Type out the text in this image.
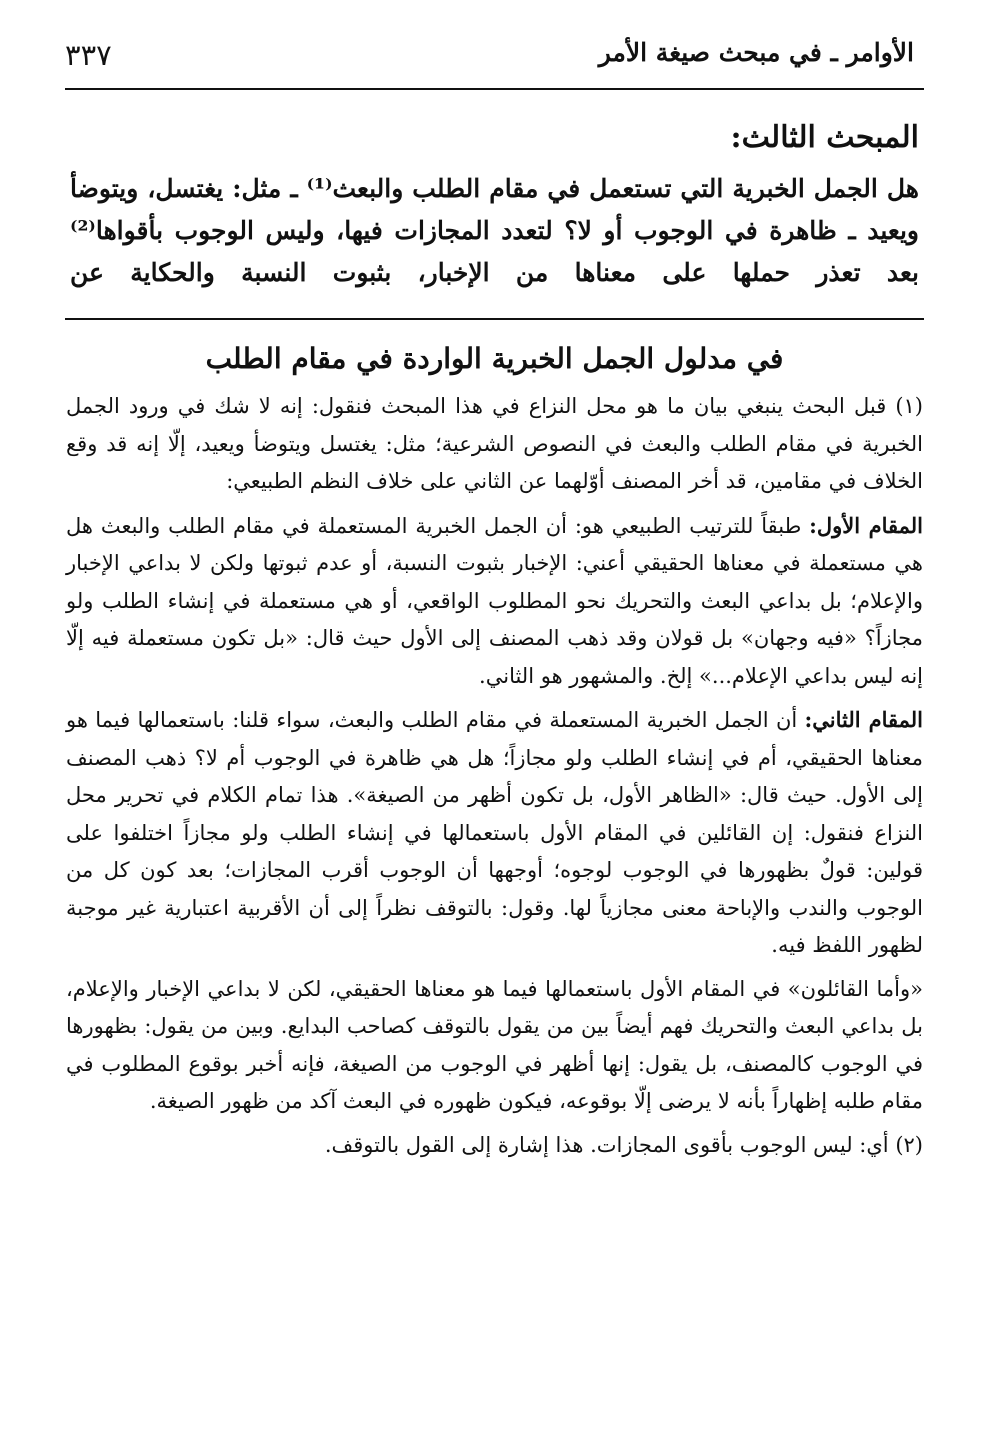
الأوامر ـ في مبحث صيغة الأمر
٣٣٧
المبحث الثالث:

هل الجمل الخبرية التي تستعمل في مقام الطلب والبعث⁽¹⁾ ـ مثل: يغتسل، ويتوضأ ويعيد ـ ظاهرة في الوجوب أو لا؟ لتعدد المجازات فيها، وليس الوجوب بأقواها⁽²⁾ بعد تعذر حملها على معناها من الإخبار، بثبوت النسبة والحكاية عن

في مدلول الجمل الخبرية الواردة في مقام الطلب

(١) قبل البحث ينبغي بيان ما هو محل النزاع في هذا المبحث فنقول: إنه لا شك في ورود الجمل الخبرية في مقام الطلب والبعث في النصوص الشرعية؛ مثل: يغتسل ويتوضأ ويعيد، إلّا إنه قد وقع الخلاف في مقامين، قد أخر المصنف أوّلهما عن الثاني على خلاف النظم الطبيعي:

المقام الأول: طبقاً للترتيب الطبيعي هو: أن الجمل الخبرية المستعملة في مقام الطلب والبعث هل هي مستعملة في معناها الحقيقي أعني: الإخبار بثبوت النسبة، أو عدم ثبوتها ولكن لا بداعي الإخبار والإعلام؛ بل بداعي البعث والتحريك نحو المطلوب الواقعي، أو هي مستعملة في إنشاء الطلب ولو مجازاً؟ «فيه وجهان» بل قولان وقد ذهب المصنف إلى الأول حيث قال: «بل تكون مستعملة فيه إلّا إنه ليس بداعي الإعلام...» إلخ. والمشهور هو الثاني.

المقام الثاني: أن الجمل الخبرية المستعملة في مقام الطلب والبعث، سواء قلنا: باستعمالها فيما هو معناها الحقيقي، أم في إنشاء الطلب ولو مجازاً؛ هل هي ظاهرة في الوجوب أم لا؟ ذهب المصنف إلى الأول. حيث قال: «الظاهر الأول، بل تكون أظهر من الصيغة». هذا تمام الكلام في تحرير محل النزاع فنقول: إن القائلين في المقام الأول باستعمالها في إنشاء الطلب ولو مجازاً اختلفوا على قولين: قولٌ بظهورها في الوجوب لوجوه؛ أوجهها أن الوجوب أقرب المجازات؛ بعد كون كل من الوجوب والندب والإباحة معنى مجازياً لها. وقول: بالتوقف نظراً إلى أن الأقربية اعتبارية غير موجبة لظهور اللفظ فيه.

«وأما القائلون» في المقام الأول باستعمالها فيما هو معناها الحقيقي، لكن لا بداعي الإخبار والإعلام، بل بداعي البعث والتحريك فهم أيضاً بين من يقول بالتوقف كصاحب البدايع. وبين من يقول: بظهورها في الوجوب كالمصنف، بل يقول: إنها أظهر في الوجوب من الصيغة، فإنه أخبر بوقوع المطلوب في مقام طلبه إظهاراً بأنه لا يرضى إلّا بوقوعه، فيكون ظهوره في البعث آكد من ظهور الصيغة.

(٢) أي: ليس الوجوب بأقوى المجازات. هذا إشارة إلى القول بالتوقف.
